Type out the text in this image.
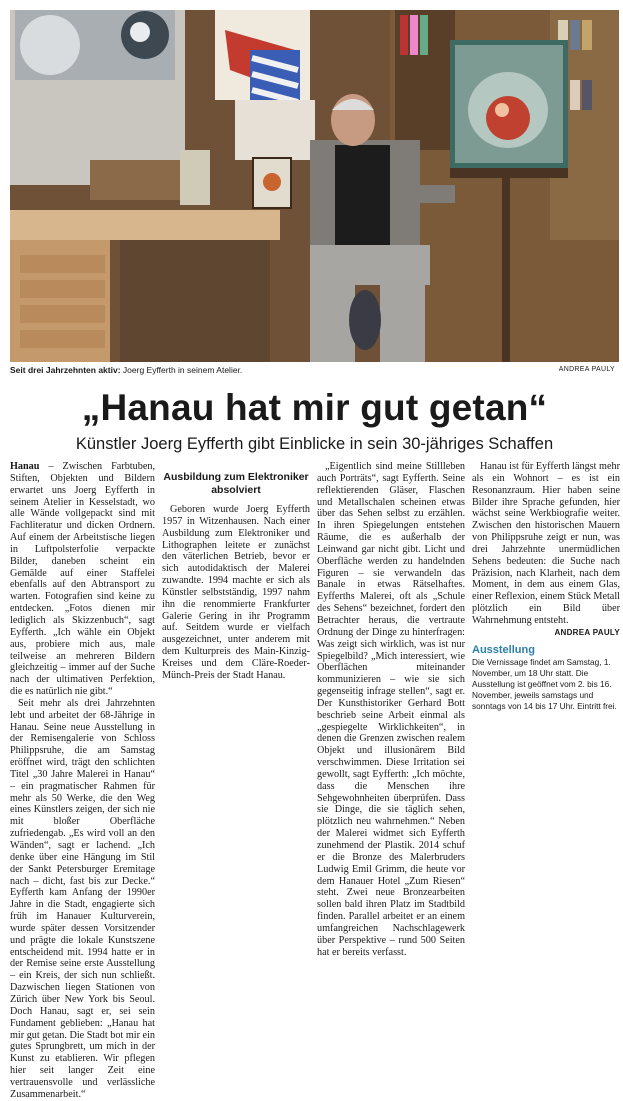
Seit drei Jahrzehnten aktiv: Joerg Eyfferth in seinem Atelier.	ANDREA PAULY
„Hanau hat mir gut getan“
Künstler Joerg Eyfferth gibt Einblicke in sein 30-jähriges Schaffen

Hanau – Zwischen Farbtuben, Stiften, Objekten und Bildern erwartet uns Joerg Eyfferth in seinem Atelier in Kesselstadt, wo alle Wände vollgepackt sind mit Fachliteratur und dicken Ordnern. Auf einem der Arbeitstische liegen in Luftpolsterfolie verpackte Bilder, daneben scheint ein Gemälde auf einer Staffelei ebenfalls auf den Abtransport zu warten. Fotografien sind keine zu entdecken. „Fotos dienen mir lediglich als Skizzenbuch“, sagt Eyfferth. „Ich wähle ein Objekt aus, probiere mich aus, male teilweise an mehreren Bildern gleichzeitig – immer auf der Suche nach der ultimativen Perfektion, die es natürlich nie gibt.“

Seit mehr als drei Jahrzehnten lebt und arbeitet der 68-Jährige in Hanau. Seine neue Ausstellung in der Remisengalerie von Schloss Philippsruhe, die am Samstag eröffnet wird, trägt den schlichten Titel „30 Jahre Malerei in Hanau“ – ein pragmatischer Rahmen für mehr als 50 Werke, die den Weg eines Künstlers zeigen, der sich nie mit bloßer Oberfläche zufriedengab. „Es wird voll an den Wänden“, sagt er lachend. „Ich denke über eine Hängung im Stil der Sankt Petersburger Eremitage nach – dicht, fast bis zur Decke.“ Eyfferth kam Anfang der 1990er Jahre in die Stadt, engagierte sich früh im Hanauer Kulturverein, wurde später dessen Vorsitzender und prägte die lokale Kunstszene entscheidend mit. 1994 hatte er in der Remise seine erste Ausstellung – ein Kreis, der sich nun schließt. Dazwischen liegen Stationen von Zürich über New York bis Seoul. Doch Hanau, sagt er, sei sein Fundament geblieben: „Hanau hat mir gut getan. Die Stadt bot mir ein gutes Sprungbrett, um mich in der Kunst zu etablieren. Wir pflegen hier seit langer Zeit eine vertrauensvolle und verlässliche Zusammenarbeit.“

Ausbildung zum Elektroniker absolviert

Geboren wurde Joerg Eyfferth 1957 in Witzenhausen. Nach einer Ausbildung zum Elektroniker und Lithographen leitete er zunächst den väterlichen Betrieb, bevor er sich autodidaktisch der Malerei zuwandte. 1994 machte er sich als Künstler selbstständig, 1997 nahm ihn die renommierte Frankfurter Galerie Gering in ihr Programm auf. Seitdem wurde er vielfach ausgezeichnet, unter anderem mit dem Kulturpreis des Main-Kinzig-Kreises und dem Cläre-Roeder-Münch-Preis der Stadt Hanau.

„Eigentlich sind meine Stillleben auch Porträts“, sagt Eyfferth. Seine reflektierenden Gläser, Flaschen und Metallschalen scheinen etwas über das Sehen selbst zu erzählen. In ihren Spiegelungen entstehen Räume, die es außerhalb der Leinwand gar nicht gibt. Licht und Oberfläche werden zu handelnden Figuren – sie verwandeln das Banale in etwas Rätselhaftes. Eyfferths Malerei, oft als „Schule des Sehens“ bezeichnet, fordert den Betrachter heraus, die vertraute Ordnung der Dinge zu hinterfragen: Was zeigt sich wirklich, was ist nur Spiegelbild? „Mich interessiert, wie Oberflächen miteinander kommunizieren – wie sie sich gegenseitig infrage stellen“, sagt er. Der Kunsthistoriker Gerhard Bott beschrieb seine Arbeit einmal als „gespiegelte Wirklichkeiten“, in denen die Grenzen zwischen realem Objekt und illusionärem Bild verschwimmen. Diese Irritation sei gewollt, sagt Eyfferth: „Ich möchte, dass die Menschen ihre Sehgewohnheiten überprüfen. Dass sie Dinge, die sie täglich sehen, plötzlich neu wahrnehmen.“ Neben der Malerei widmet sich Eyfferth zunehmend der Plastik. 2014 schuf er die Bronze des Malerbruders Ludwig Emil Grimm, die heute vor dem Hanauer Hotel „Zum Riesen“ steht. Zwei neue Bronzearbeiten sollen bald ihren Platz im Stadtbild finden. Parallel arbeitet er an einem umfangreichen Nachschlagewerk über Perspektive – rund 500 Seiten hat er bereits verfasst.

Hanau ist für Eyfferth längst mehr als ein Wohnort – es ist ein Resonanzraum. Hier haben seine Bilder ihre Sprache gefunden, hier wächst seine Werkbiografie weiter. Zwischen den historischen Mauern von Philippsruhe zeigt er nun, was drei Jahrzehnte unermüdlichen Sehens bedeuten: die Suche nach Präzision, nach Klarheit, nach dem Moment, in dem aus einem Glas, einer Reflexion, einem Stück Metall plötzlich ein Bild über Wahrnehmung entsteht.

ANDREA PAULY
Ausstellung
Die Vernissage findet am Samstag, 1. November, um 18 Uhr statt. Die Ausstellung ist geöffnet vom 2. bis 16. November, jeweils samstags und sonntags von 14 bis 17 Uhr. Eintritt frei.
